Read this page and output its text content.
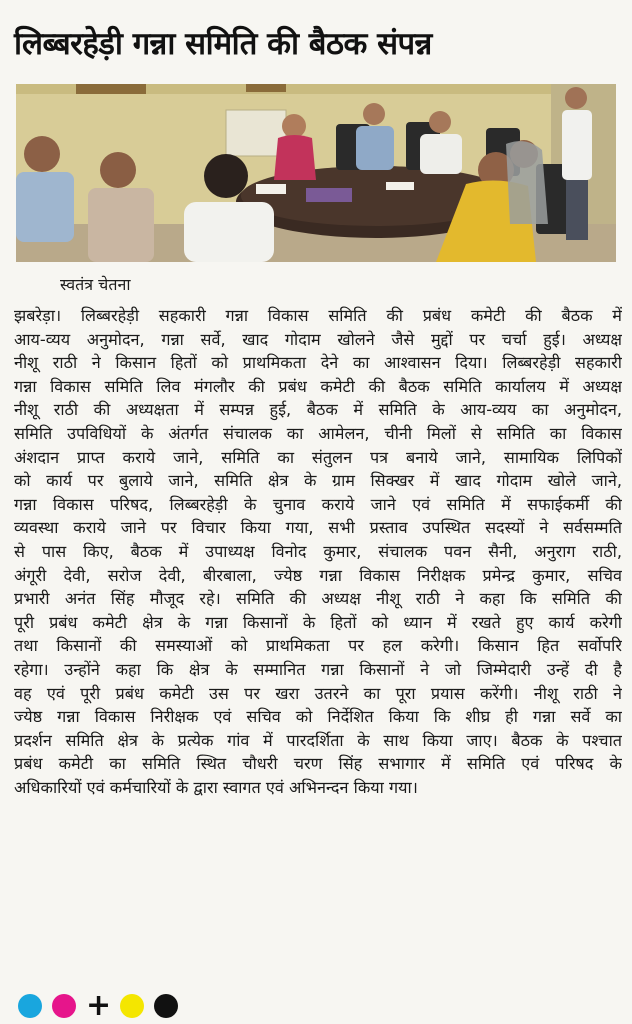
लिब्बरहेड़ी गन्ना समिति की बैठक संपन्न
स्वतंत्र चेतना
झबरेड़ा। लिब्बरहेड़ी सहकारी गन्ना विकास समिति की प्रबंध कमेटी की बैठक में
आय-व्यय अनुमोदन, गन्ना सर्वे, खाद गोदाम खोलने जैसे मुद्दों पर चर्चा हुई। अध्यक्ष
नीशू राठी ने किसान हितों को प्राथमिकता देने का आश्वासन दिया। लिब्बरहेड़ी सहकारी
गन्ना विकास समिति लिव मंगलौर की प्रबंध कमेटी की बैठक समिति कार्यालय में अध्यक्ष
नीशू राठी की अध्यक्षता में सम्पन्न हुई, बैठक में समिति के आय-व्यय का अनुमोदन,
समिति उपविधियों के अंतर्गत संचालक का आमेलन, चीनी मिलों से समिति का विकास
अंशदान प्राप्त कराये जाने, समिति का संतुलन पत्र बनाये जाने, सामायिक लिपिकों
को कार्य पर बुलाये जाने, समिति क्षेत्र के ग्राम सिक्खर में खाद गोदाम खोले जाने,
गन्ना विकास परिषद, लिब्बरहेड़ी के चुनाव कराये जाने एवं समिति में सफाईकर्मी की
व्यवस्था कराये जाने पर विचार किया गया, सभी प्रस्ताव उपस्थित सदस्यों ने सर्वसम्मति
से पास किए, बैठक में उपाध्यक्ष विनोद कुमार, संचालक पवन सैनी, अनुराग राठी,
अंगूरी देवी, सरोज देवी, बीरबाला, ज्येष्ठ गन्ना विकास निरीक्षक प्रमेन्द्र कुमार, सचिव
प्रभारी अनंत सिंह मौजूद रहे। समिति की अध्यक्ष नीशू राठी ने कहा कि समिति की
पूरी प्रबंध कमेटी क्षेत्र के गन्ना किसानों के हितों को ध्यान में रखते हुए कार्य करेगी
तथा किसानों की समस्याओं को प्राथमिकता पर हल करेगी। किसान हित सर्वोपरि
रहेगा। उन्होंने कहा कि क्षेत्र के सम्मानित गन्ना किसानों ने जो जिम्मेदारी उन्हें दी है
वह एवं पूरी प्रबंध कमेटी उस पर खरा उतरने का पूरा प्रयास करेंगी। नीशू राठी ने
ज्येष्ठ गन्ना विकास निरीक्षक एवं सचिव को निर्देशित किया कि शीघ्र ही गन्ना सर्वे का
प्रदर्शन समिति क्षेत्र के प्रत्येक गांव में पारदर्शिता के साथ किया जाए। बैठक के पश्चात
प्रबंध कमेटी का समिति स्थित चौधरी चरण सिंह सभागार में समिति एवं परिषद के
अधिकारियों एवं कर्मचारियों के द्वारा स्वागत एवं अभिनन्दन किया गया।
+
